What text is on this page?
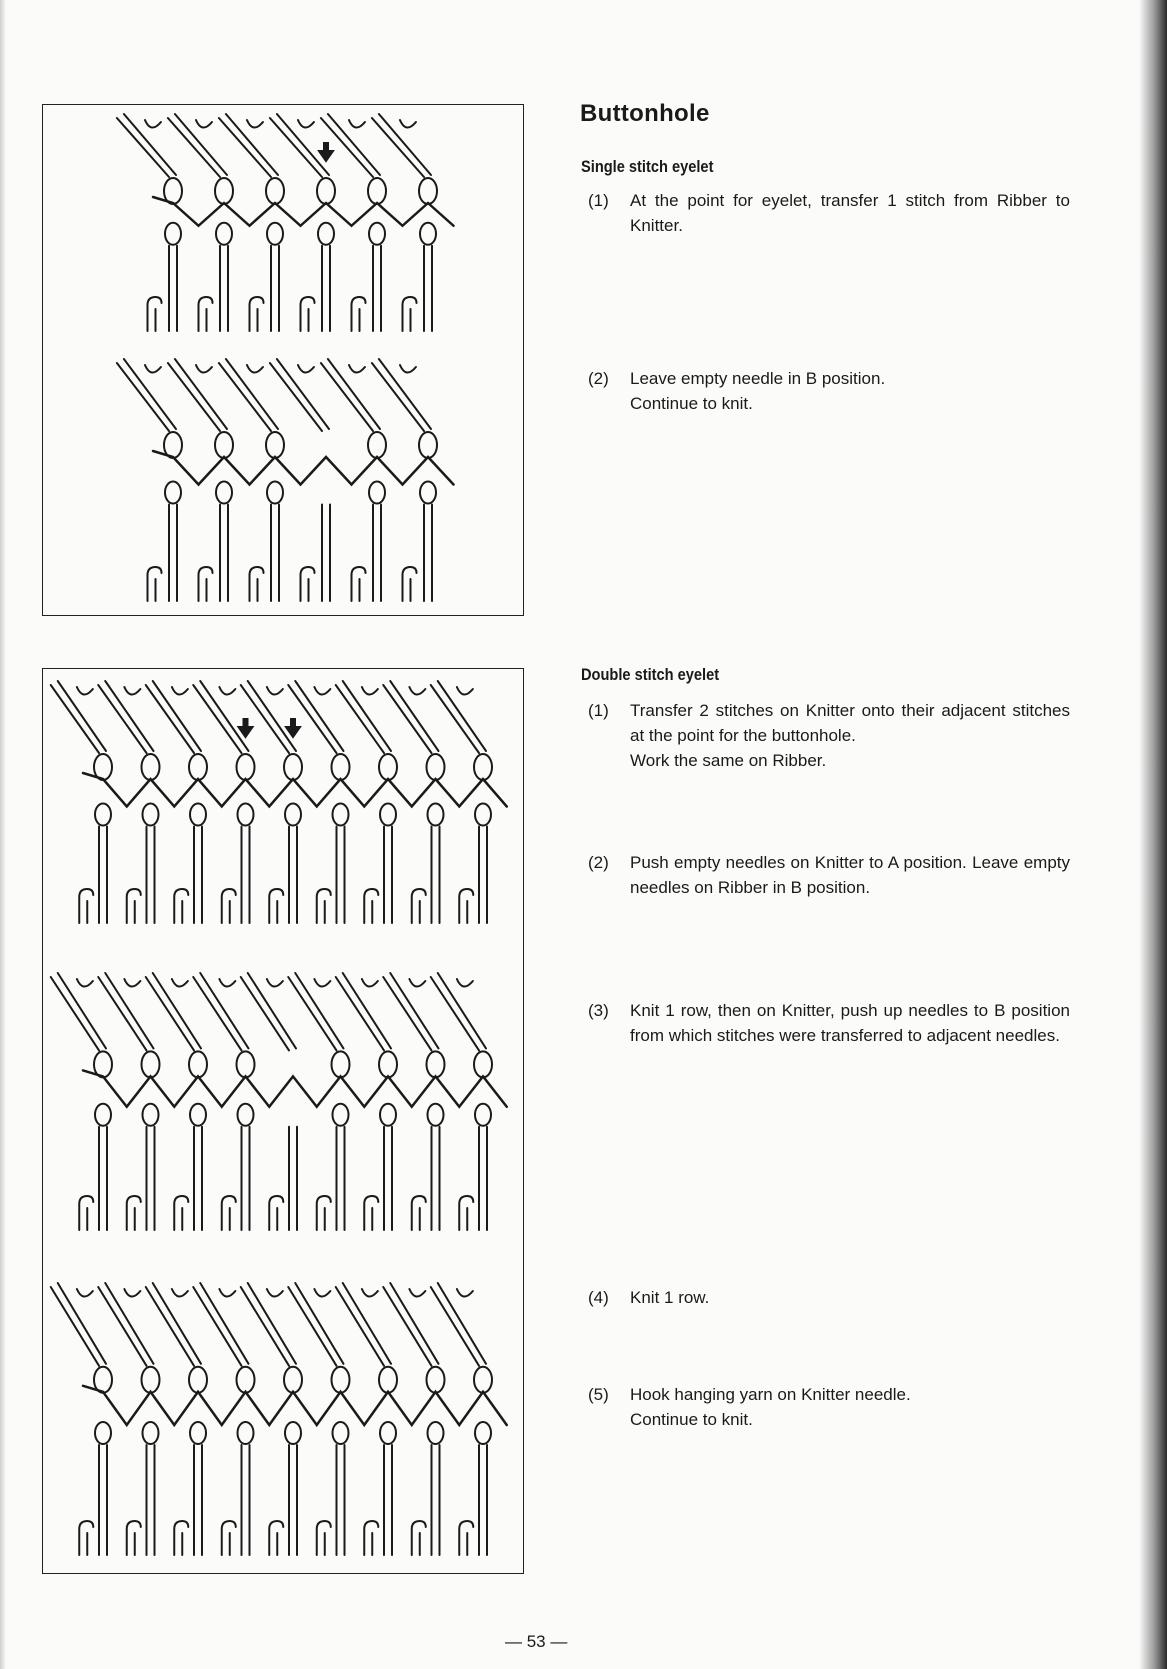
Buttonhole
Single stitch eyelet
(1) At the point for eyelet, transfer 1 stitch from Ribber to Knitter.
(2) Leave empty needle in B position.
Continue to knit.
Double stitch eyelet
(1) Transfer 2 stitches on Knitter onto their adjacent stitches at the point for the buttonhole.
Work the same on Ribber.
(2) Push empty needles on Knitter to A position. Leave empty needles on Ribber in B position.
(3) Knit 1 row, then on Knitter, push up needles to B position from which stitches were transferred to adjacent needles.
(4) Knit 1 row.
(5) Hook hanging yarn on Knitter needle.
Continue to knit.
— 53 —
